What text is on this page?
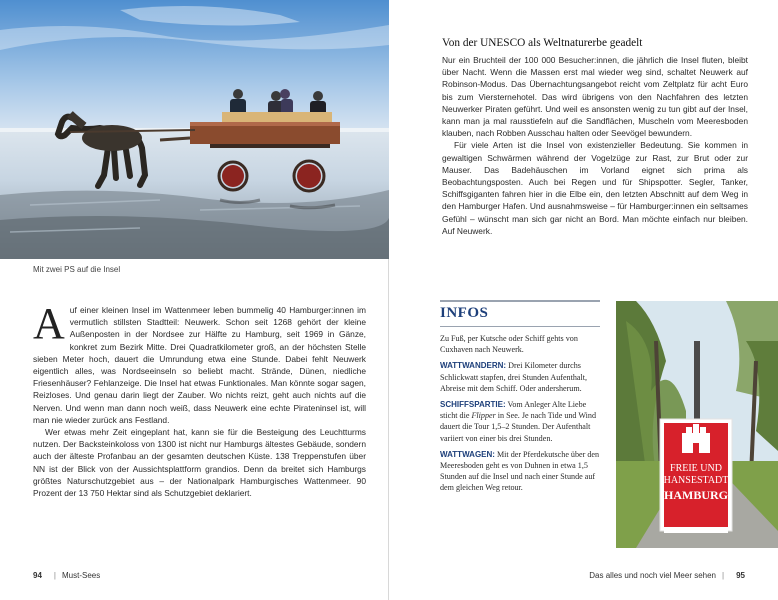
Mit zwei PS auf die Insel

Auf einer kleinen Insel im Wattenmeer leben bummelig 40 Hamburger:innen im vermutlich stillsten Stadtteil: Neuwerk. Schon seit 1268 gehört der kleine Außenposten in der Nordsee zur Hälfte zu Hamburg, seit 1969 in Gänze, konkret zum Bezirk Mitte. Drei Quadratkilometer groß, an der höchsten Stelle sieben Meter hoch, dauert die Umrundung etwa eine Stunde. Dabei fehlt Neuwerk eigentlich alles, was Nordseeinseln so beliebt macht. Strände, Dünen, niedliche Friesenhäuser? Fehlanzeige. Die Insel hat etwas Funktionales. Man könnte sogar sagen, Reizloses. Und genau darin liegt der Zauber. Wo nichts reizt, geht auch nichts auf die Nerven. Und wenn man dann noch weiß, dass Neuwerk eine echte Pirateninsel ist, will man nie wieder zurück ans Festland.

Wer etwas mehr Zeit eingeplant hat, kann sie für die Besteigung des Leuchtturms nutzen. Der Backsteinkoloss von 1300 ist nicht nur Hamburgs ältestes Gebäude, sondern auch der älteste Profanbau an der gesamten deutschen Küste. 138 Treppenstufen über NN ist der Blick von der Aussichtsplattform grandios. Denn da breitet sich Hamburgs größtes Naturschutzgebiet aus – der Nationalpark Hamburgisches Wattenmeer. 90 Prozent der 13 750 Hektar sind als Schutzgebiet deklariert.

Von der UNESCO als Weltnaturerbe geadelt

Nur ein Bruchteil der 100 000 Besucher:innen, die jährlich die Insel fluten, bleibt über Nacht. Wenn die Massen erst mal wieder weg sind, schaltet Neuwerk auf Robinson-Modus. Das Übernachtungsangebot reicht vom Zeltplatz für acht Euro bis zum Viersternehotel. Das wird übrigens von den Nachfahren des letzten Neuwerker Piraten geführt. Und weil es ansonsten wenig zu tun gibt auf der Insel, kann man ja mal rausstiefeln auf die Sandflächen, Muscheln vom Meeresboden klauben, nach Robben Ausschau halten oder Seevögel bewundern.

Für viele Arten ist die Insel von existenzieller Bedeutung. Sie kommen in gewaltigen Schwärmen während der Vogelzüge zur Rast, zur Brut oder zur Mauser. Das Badehäuschen im Vorland eignet sich prima als Beobachtungsposten. Auch bei Regen und für Shipspotter. Segler, Tanker, Schiffsgiganten fahren hier in die Elbe ein, den letzten Abschnitt auf dem Weg in den Hamburger Hafen. Und ausnahmsweise – für Hamburger:innen ein seltsames Gefühl – wünscht man sich gar nicht an Bord. Man möchte einfach nur bleiben. Auf Neuwerk.

INFOS

Zu Fuß, per Kutsche oder Schiff gehts von Cuxhaven nach Neuwerk.

WATTWANDERN: Drei Kilometer durchs Schlickwatt stapfen, drei Stunden Aufenthalt, Abreise mit dem Schiff. Oder andersherum.

SCHIFFSPARTIE: Vom Anleger Alte Liebe sticht die Flipper in See. Je nach Tide und Wind dauert die Tour 1,5–2 Stunden. Der Aufenthalt variiert von einer bis drei Stunden.

WATTWAGEN: Mit der Pferdekutsche über den Meeresboden geht es von Duhnen in etwa 1,5 Stunden auf die Insel und nach einer Stunde auf dem gleichen Weg retour.

FREIE UND
HANSESTADT
HAMBURG
94 | Must-Sees	Das alles und noch viel Meer sehen | 95
